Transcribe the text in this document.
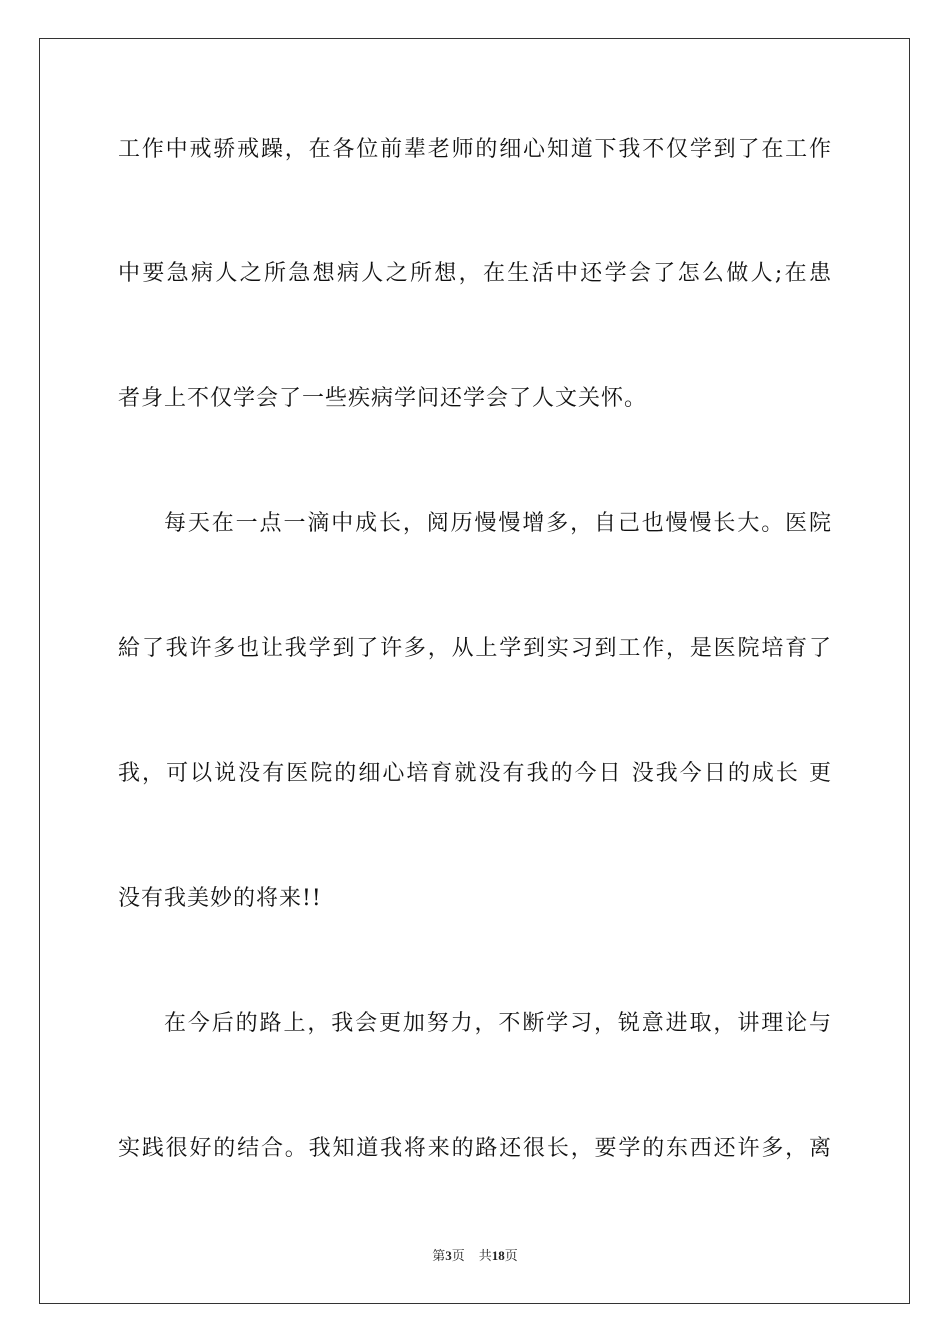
工作中戒骄戒躁，在各位前辈老师的细心知道下我不仅学到了在工作
中要急病人之所急想病人之所想，在生活中还学会了怎么做人;在患
者身上不仅学会了一些疾病学问还学会了人文关怀。
每天在一点一滴中成长，阅历慢慢增多，自己也慢慢长大。医院
給了我许多也让我学到了许多，从上学到实习到工作，是医院培育了
我，可以说没有医院的细心培育就没有我的今日 没我今日的成长 更
没有我美妙的将来!!
在今后的路上，我会更加努力，不断学习，锐意进取，讲理论与
实践很好的结合。我知道我将来的路还很长，要学的东西还许多，离
第3页 共18页
